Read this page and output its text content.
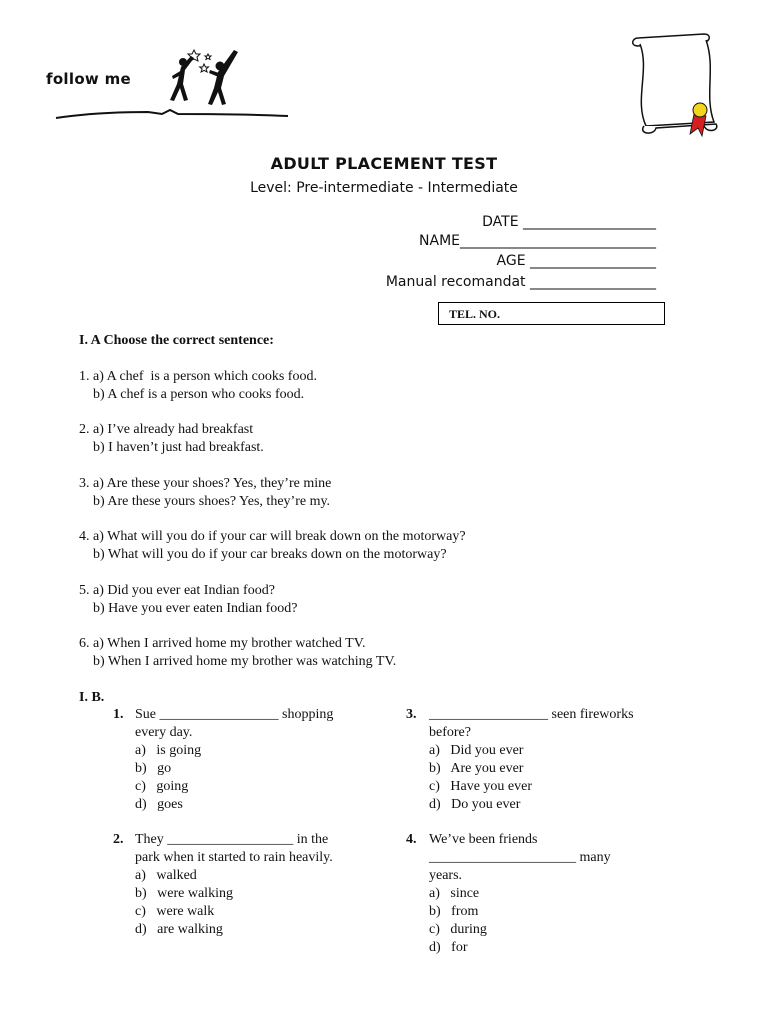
follow me
ADULT PLACEMENT TEST
Level: Pre-intermediate - Intermediate
DATE ___________________
NAME____________________________
AGE __________________
Manual recomandat __________________
TEL. NO.
I. A Choose the correct sentence:
1. a) A chef  is a person which cooks food.
b) A chef is a person who cooks food.
2. a) I’ve already had breakfast
b) I haven’t just had breakfast.
3. a) Are these your shoes? Yes, they’re mine
b) Are these yours shoes? Yes, they’re my.
4. a) What will you do if your car will break down on the motorway?
b) What will you do if your car breaks down on the motorway?
5. a) Did you ever eat Indian food?
b) Have you ever eaten Indian food?
6. a) When I arrived home my brother watched TV.
b) When I arrived home my brother was watching TV.
I. B.
1. Sue _________________ shopping
every day.
a)   is going
b)   go
c)   going
d)   goes
2. They __________________ in the
park when it started to rain heavily.
a)   walked
b)   were walking
c)   were walk
d)   are walking
3. _________________ seen fireworks
before?
a)   Did you ever
b)   Are you ever
c)   Have you ever
d)   Do you ever
4. We’ve been friends
_____________________ many
years.
a)   since
b)   from
c)   during
d)   for
